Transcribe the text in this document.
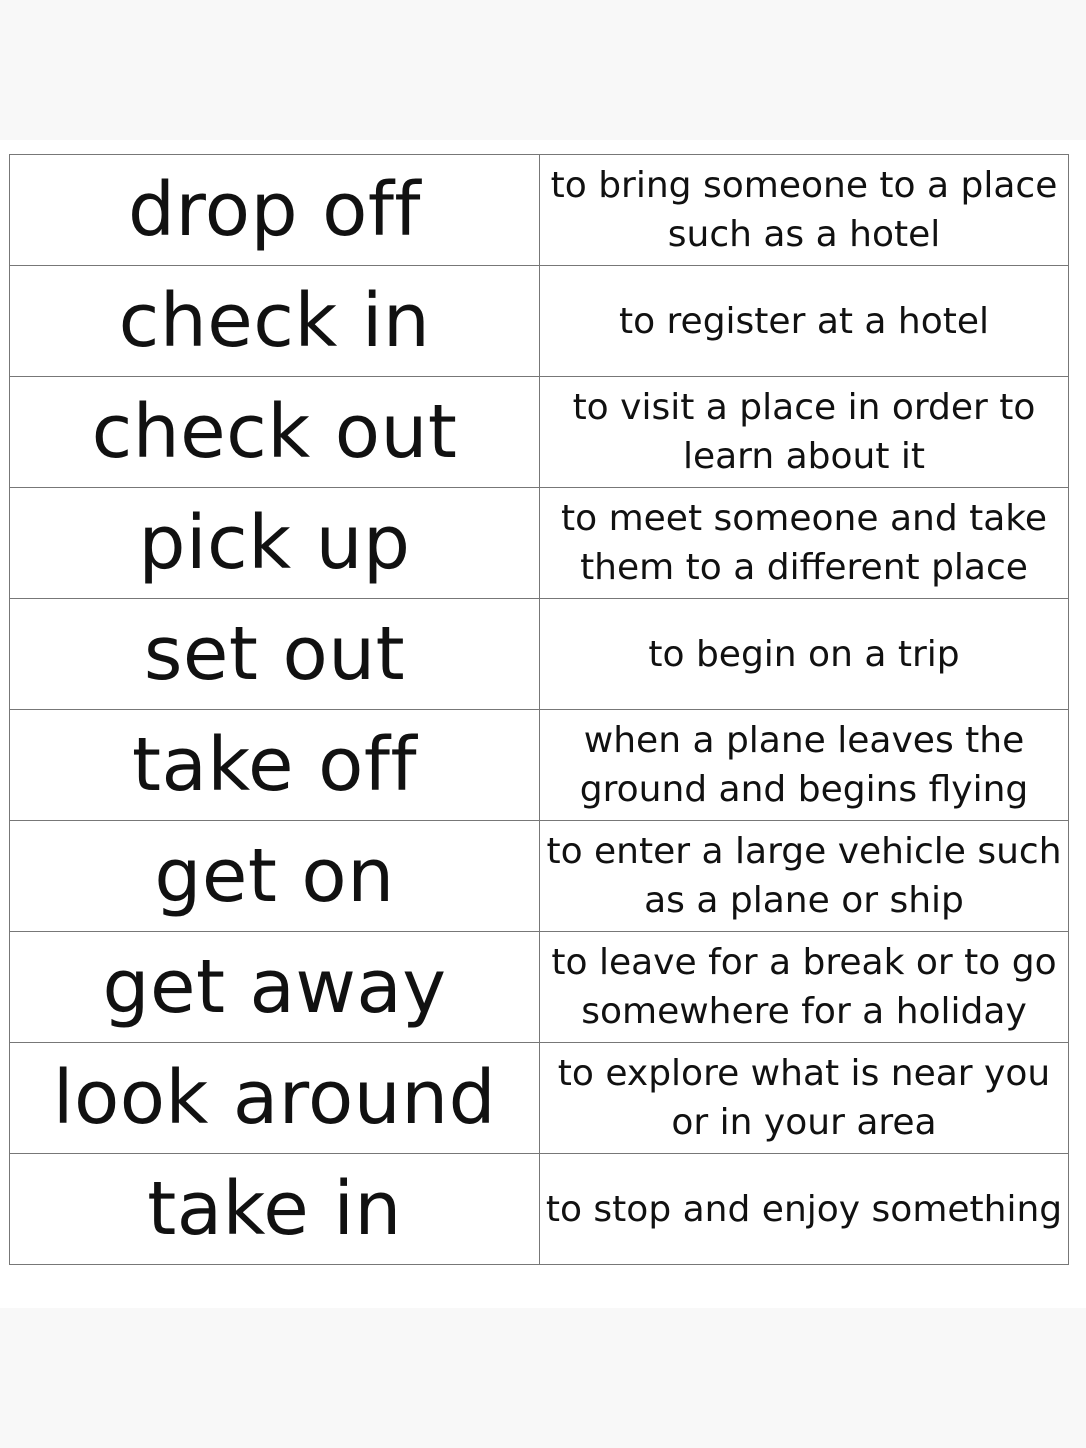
drop off	to bring someone to a place such as a hotel
check in	to register at a hotel
check out	to visit a place in order to learn about it
pick up	to meet someone and take them to a different place
set out	to begin on a trip
take off	when a plane leaves the ground and begins flying
get on	to enter a large vehicle such as a plane or ship
get away	to leave for a break or to go somewhere for a holiday
look around	to explore what is near you or in your area
take in	to stop and enjoy something
